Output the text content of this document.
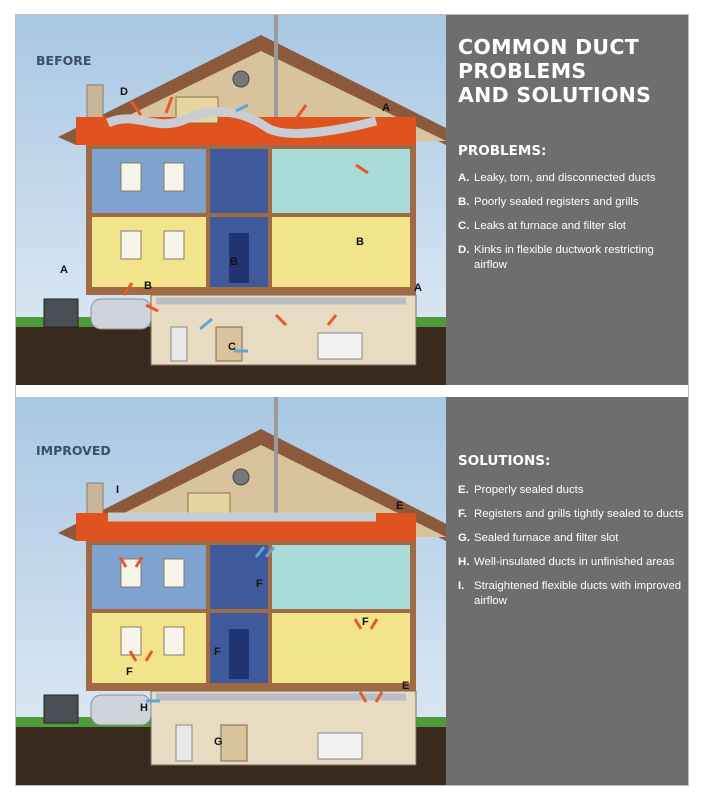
D
A
A
A
B
B
B
C
BEFORE
COMMON DUCT
PROBLEMS
AND SOLUTIONS
PROBLEMS:
A. Leaky, torn, and disconnected ducts
B. Poorly sealed registers and grills
C. Leaks at furnace and filter slot
D. Kinks in flexible ductwork restricting airflow
I
E
E
F
F
F
F
H
G
IMPROVED
SOLUTIONS:
E. Properly sealed ducts
F. Registers and grills tightly sealed to ducts
G. Sealed furnace and filter slot
H. Well-insulated ducts in unfinished areas
I. Straightened flexible ducts with improved airflow
